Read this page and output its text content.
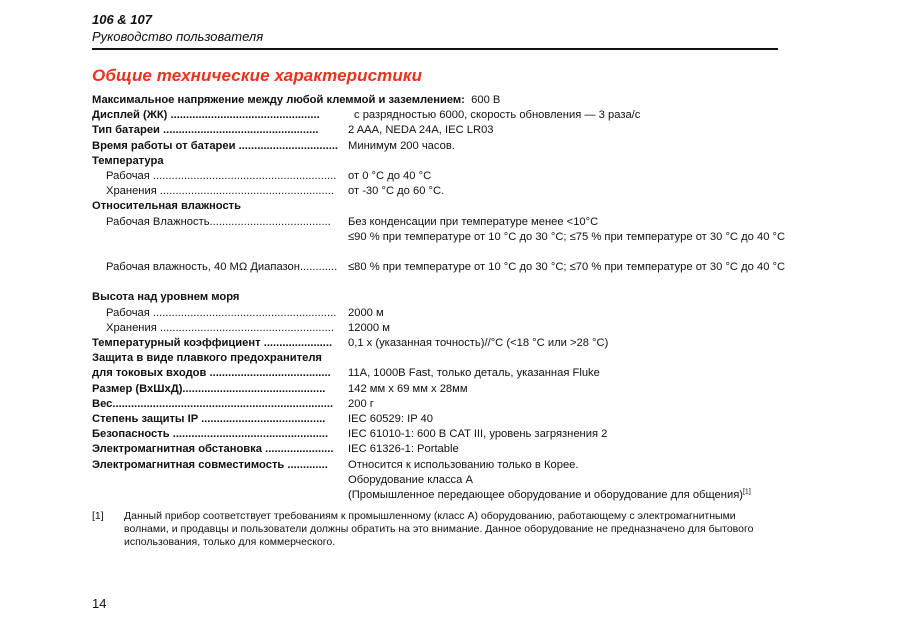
106 & 107
Руководство пользователя
Общие технические характеристики
Максимальное напряжение между любой клеммой и заземлением: 600 В
Дисплей (ЖК) ................................................	с разрядностью 6000, скорость обновления — 3 раза/с
Тип батареи ..................................................	2 AAA, NEDA 24A, IEC LR03
Время работы от батареи ................................ Минимум 200 часов.
Температура
Рабочая ...........................................................	от 0 °C до 40 °C
Хранения ........................................................	от -30 °C до 60 °C.
Относительная влажность
Рабочая Влажность.......................................	Без конденсации при температуре менее <10°C
≤90 % при температуре от 10 °C до 30 °C; ≤75 % при температуре от 30 °C до 40 °C
Рабочая влажность, 40 MΩ Диапазон............ ≤80 % при температуре от 10 °C до 30 °C; ≤70 % при температуре от 30 °C до 40 °C
Высота над уровнем моря
Рабочая ...........................................................	2000 м
Хранения ........................................................	12000 м
Температурный коэффициент ......................	0,1 x (указанная точность)//°C (<18 °C или >28 °C)
Защита в виде плавкого предохранителя
для токовых входов .......................................	11A, 1000В Fast, только деталь, указанная Fluke
Размер (ВхШхД)..............................................	142 мм x 69 мм x 28мм
Вес.......................................................................	200 г
Степень защиты IP ........................................	IEC 60529: IP 40
Безопасность ..................................................	IEC 61010-1: 600 В CAT III, уровень загрязнения 2
Электромагнитная обстановка ......................	IEC 61326-1: Portable
Электромагнитная совместимость .............	Относится к использованию только в Корее.
Оборудование класса А
(Промышленное передающее оборудование и оборудование для общения)[1]
[1] Данный прибор соответствует требованиям к промышленному (класс А) оборудованию, работающему с электромагнитными волнами, и продавцы и пользователи должны обратить на это внимание. Данное оборудование не предназначено для бытового использования, только для коммерческого.
14
